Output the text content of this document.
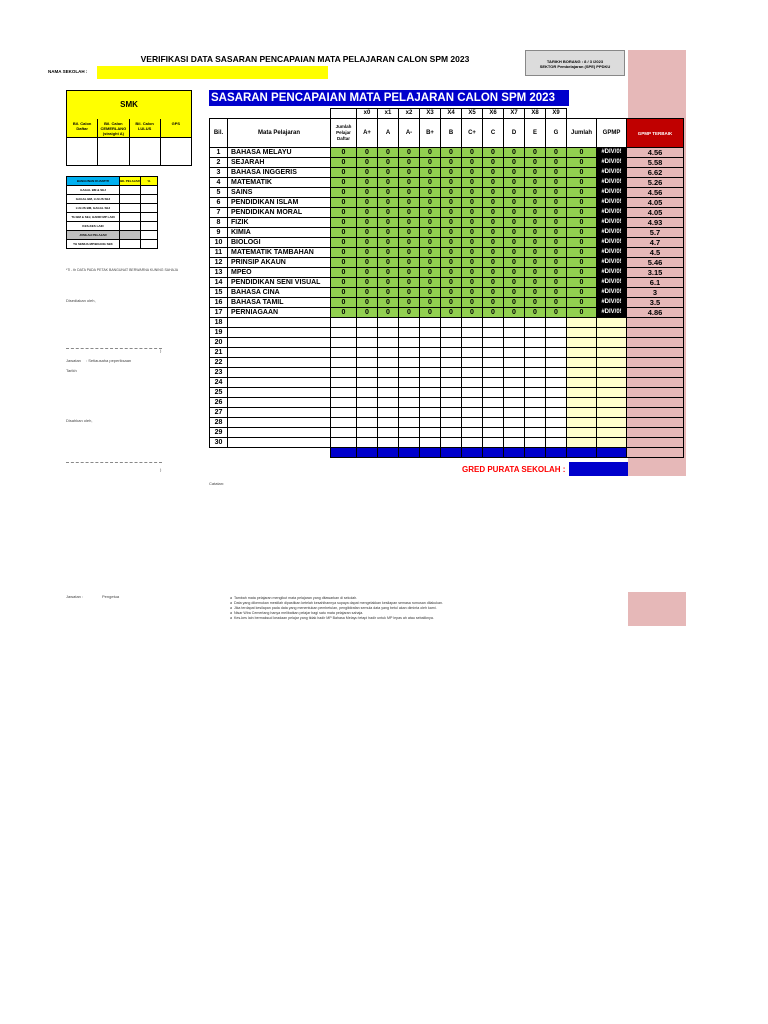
VERIFIKASI DATA SASARAN PENCAPAIAN MATA PELAJARAN CALON SPM 2023	TARIKH BORANG : 8 / 3 /2023
SEKTOR Pembelajaran (SPE) PPDKU
NAMA SEKOLAH :
SMK
Bil. Calon Daftar
Bil. Calon CEMERLANG (straight A)
Bil. Calon LULUS
GPS
BANGUNAN KUANTITI	BIL PELAJAR	%
GAGAL BM & SEJ		
GAGAL BM, LULUS SEJ		
LULUS BM, GAGAL SEJ		
TH BM & SEJ, HADIR MP LAIN		
KES-KES LAIN		
JUMLAH PELAJAR		
TH SEMUA MP/BUANG SEK		
*Ti - th DATA PADA PETAK BANGUNAT BERWARNA KUNING SAHAJA
Disediakan oleh,
)
Jawatan : Setiausaha peperiksaan
Tarikh
Disahkan oleh,
)
Jawatan :	Pengetua
SASARAN PENCAPAIAN MATA PELAJARAN CALON SPM 2023
			x0	x1	x2	X3	X4	X5	X6	X7	X8	X9			
Bil.	Mata Pelajaran	Jumlah Pelajar Daftar	A+	A	A-	B+	B	C+	C	D	E	G	Jumlah	GPMP	GPMP TERBAIK
1	BAHASA MELAYU	0	0	0	0	0	0	0	0	0	0	0	0	#DIV/0!	4.56
2	SEJARAH	0	0	0	0	0	0	0	0	0	0	0	0	#DIV/0!	5.58
3	BAHASA INGGERIS	0	0	0	0	0	0	0	0	0	0	0	0	#DIV/0!	6.62
4	MATEMATIK	0	0	0	0	0	0	0	0	0	0	0	0	#DIV/0!	5.26
5	SAINS	0	0	0	0	0	0	0	0	0	0	0	0	#DIV/0!	4.56
6	PENDIDIKAN ISLAM	0	0	0	0	0	0	0	0	0	0	0	0	#DIV/0!	4.05
7	PENDIDIKAN MORAL	0	0	0	0	0	0	0	0	0	0	0	0	#DIV/0!	4.05
8	FIZIK	0	0	0	0	0	0	0	0	0	0	0	0	#DIV/0!	4.93
9	KIMIA	0	0	0	0	0	0	0	0	0	0	0	0	#DIV/0!	5.7
10	BIOLOGI	0	0	0	0	0	0	0	0	0	0	0	0	#DIV/0!	4.7
11	MATEMATIK TAMBAHAN	0	0	0	0	0	0	0	0	0	0	0	0	#DIV/0!	4.5
12	PRINSIP AKAUN	0	0	0	0	0	0	0	0	0	0	0	0	#DIV/0!	5.46
13	MPEO	0	0	0	0	0	0	0	0	0	0	0	0	#DIV/0!	3.15
14	PENDIDIKAN SENI VISUAL	0	0	0	0	0	0	0	0	0	0	0	0	#DIV/0!	6.1
15	BAHASA CINA	0	0	0	0	0	0	0	0	0	0	0	0	#DIV/0!	3
16	BAHASA TAMIL	0	0	0	0	0	0	0	0	0	0	0	0	#DIV/0!	3.5
17	PERNIAGAAN	0	0	0	0	0	0	0	0	0	0	0	0	#DIV/0!	4.86
18															
19															
20															
21															
22															
23															
24															
25															
26															
27															
28															
29															
30															

GRED PURATA SEKOLAH :
Catatan:
a Tambah mata pelajaran mengikut mata pelajaran yang ditawarkan di sekolah.
a Data yang dikemukan mestilah dipastikan ketelah kesahihannya supaya dapat mengelakkan kesilapan semasa rumusan dilakukan.
a Jika terdapat kesilapan pada data yang menentukan pembetulan, pengiktirafan semula data yang betul akan diminta oleh kami.
a Nisar Wira Cemerlang hanya melibatkan pelajar bagi satu mata pelajaran sahaja.
a Kes-kes lain bermaksud keadaan pelajar yang tidak hadir MP Bahasa Melayu tetapi hadir untuk MP lepas ah atau sebaliknya.
